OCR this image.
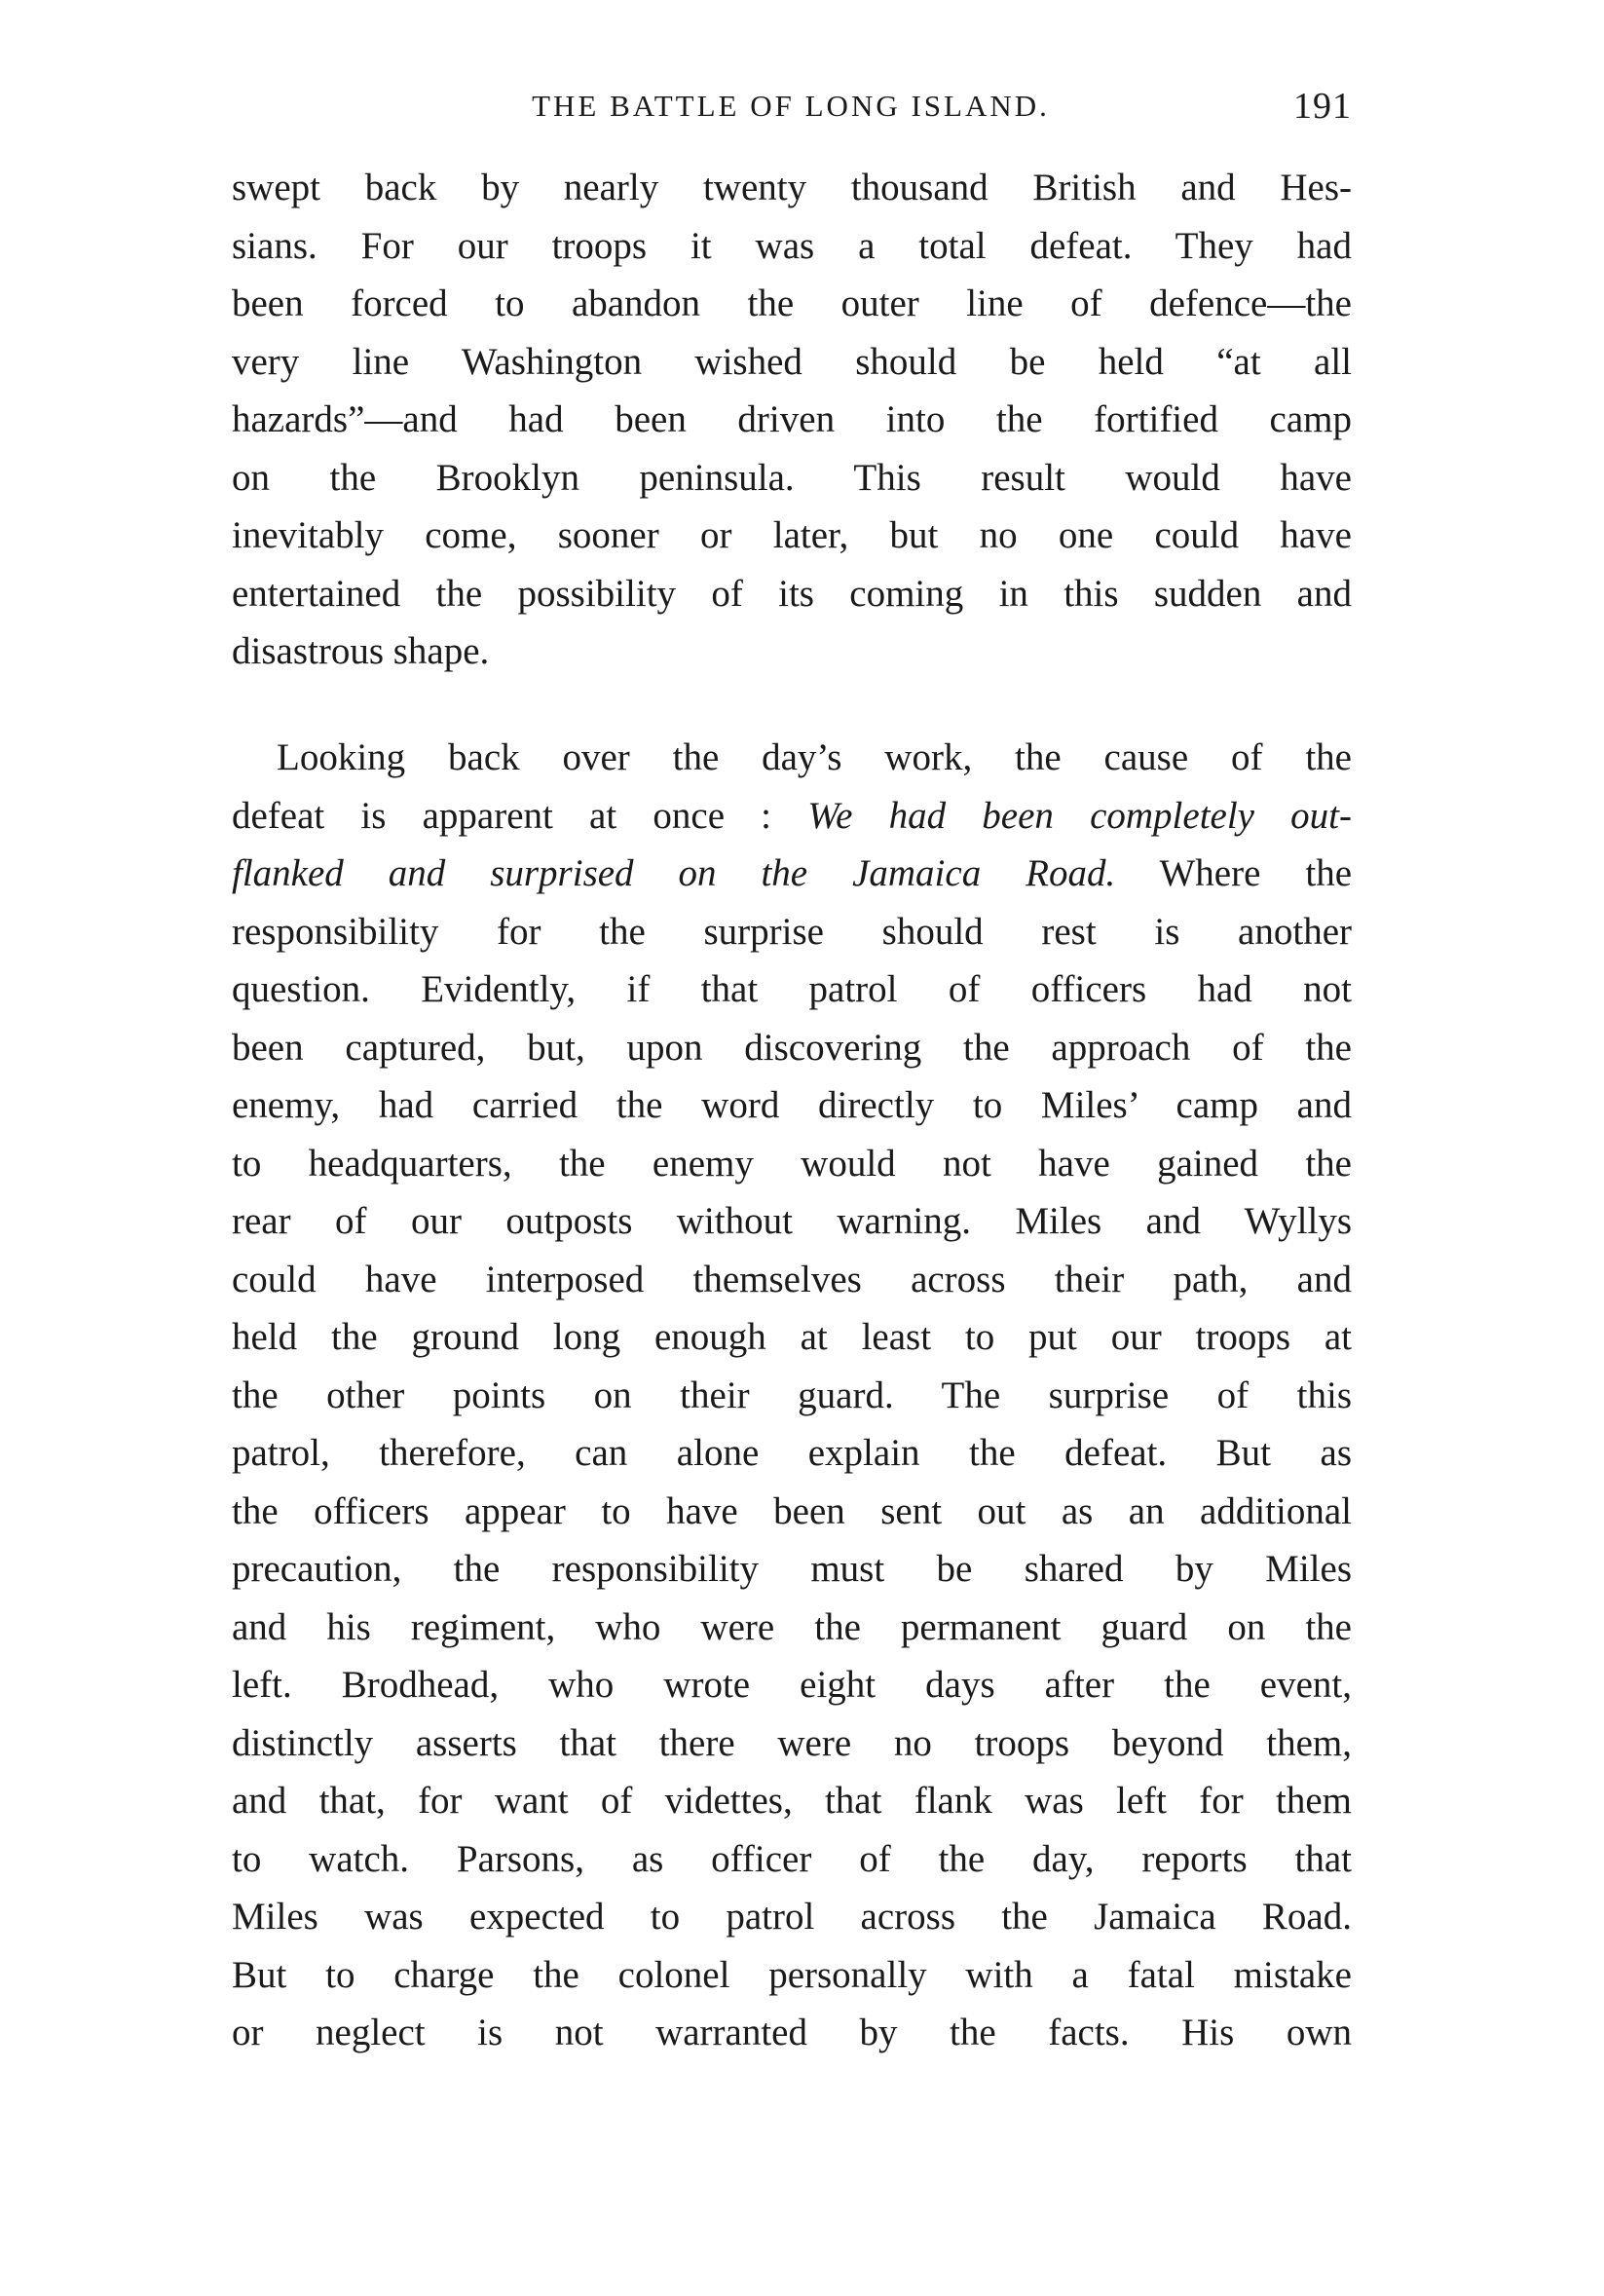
THE BATTLE OF LONG ISLAND.	191
swept back by nearly twenty thousand British and Hes-
sians. For our troops it was a total defeat. They had
been forced to abandon the outer line of defence—the
very line Washington wished should be held “at all
hazards”—and had been driven into the fortified camp
on the Brooklyn peninsula. This result would have
inevitably come, sooner or later, but no one could have
entertained the possibility of its coming in this sudden and
disastrous shape.
Looking back over the day’s work, the cause of the
defeat is apparent at once : We had been completely out-
flanked and surprised on the Jamaica Road. Where the
responsibility for the surprise should rest is another
question. Evidently, if that patrol of officers had not
been captured, but, upon discovering the approach of the
enemy, had carried the word directly to Miles’ camp and
to headquarters, the enemy would not have gained the
rear of our outposts without warning. Miles and Wyllys
could have interposed themselves across their path, and
held the ground long enough at least to put our troops at
the other points on their guard. The surprise of this
patrol, therefore, can alone explain the defeat. But as
the officers appear to have been sent out as an additional
precaution, the responsibility must be shared by Miles
and his regiment, who were the permanent guard on the
left. Brodhead, who wrote eight days after the event,
distinctly asserts that there were no troops beyond them,
and that, for want of videttes, that flank was left for them
to watch. Parsons, as officer of the day, reports that
Miles was expected to patrol across the Jamaica Road.
But to charge the colonel personally with a fatal mistake
or neglect is not warranted by the facts. His own
